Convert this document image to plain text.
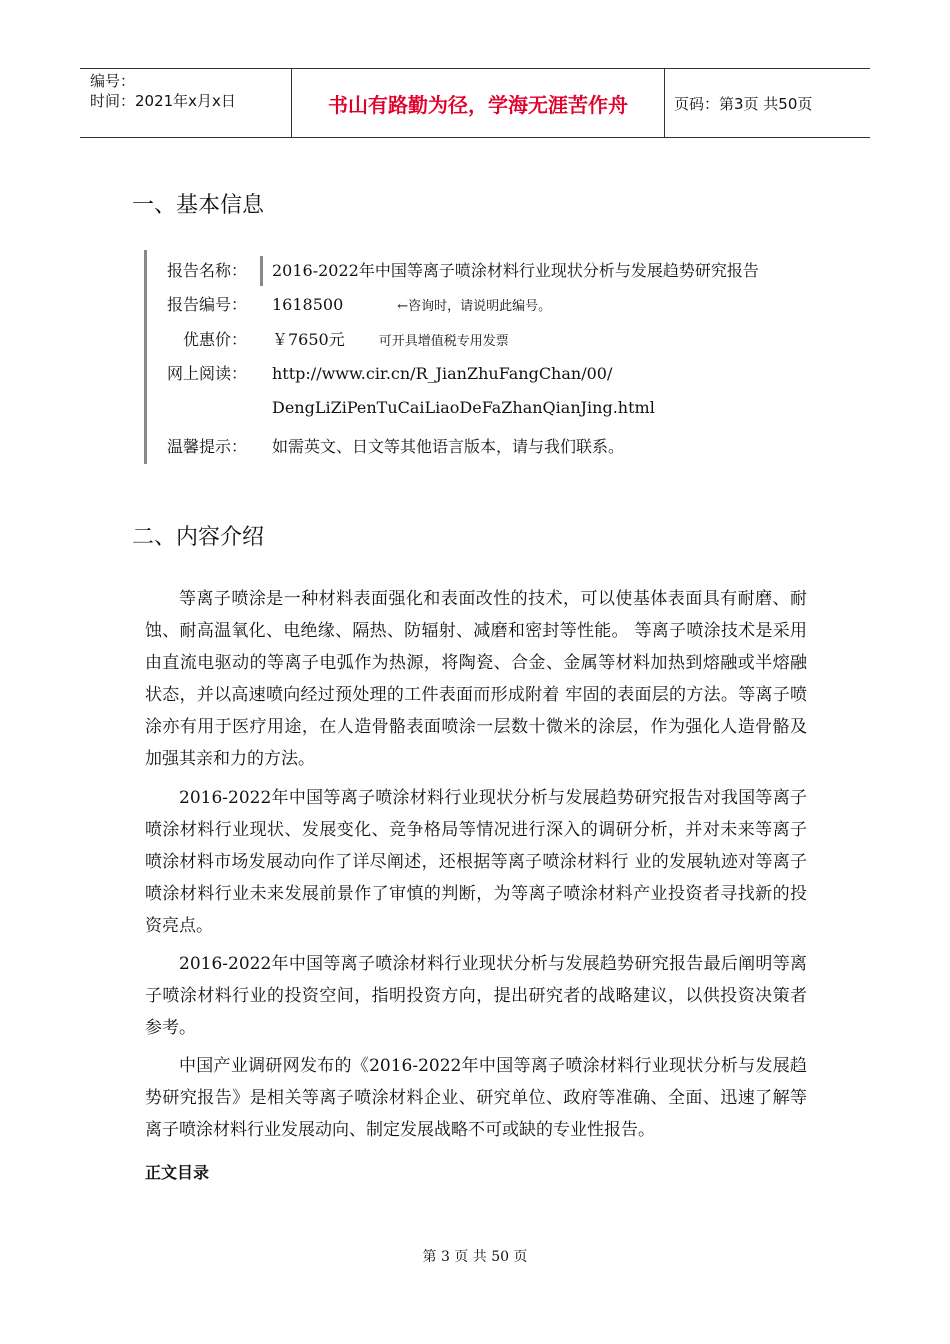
编号：
时间：2021年x月x日	书山有路勤为径，学海无涯苦作舟	页码：第3页 共50页
一、基本信息
报告名称：	2016-2022年中国等离子喷涂材料行业现状分析与发展趋势研究报告
报告编号：	1618500	←咨询时，请说明此编号。
优惠价：	￥7650元	可开具增值税专用发票
网上阅读：	http://www.cir.cn/R_JianZhuFangChan/00/
DengLiZiPenTuCaiLiaoDeFaZhanQianJing.html
温馨提示：	如需英文、日文等其他语言版本，请与我们联系。
二、内容介绍

等离子喷涂是一种材料表面强化和表面改性的技术，可以使基体表面具有耐磨、耐蚀、耐高温氧化、电绝缘、隔热、防辐射、减磨和密封等性能。 等离子喷涂技术是采用由直流电驱动的等离子电弧作为热源，将陶瓷、合金、金属等材料加热到熔融或半熔融状态，并以高速喷向经过预处理的工件表面而形成附着 牢固的表面层的方法。等离子喷涂亦有用于医疗用途，在人造骨骼表面喷涂一层数十微米的涂层，作为强化人造骨骼及加强其亲和力的方法。

2016-2022年中国等离子喷涂材料行业现状分析与发展趋势研究报告对我国等离子喷涂材料行业现状、发展变化、竞争格局等情况进行深入的调研分析，并对未来等离子喷涂材料市场发展动向作了详尽阐述，还根据等离子喷涂材料行 业的发展轨迹对等离子喷涂材料行业未来发展前景作了审慎的判断，为等离子喷涂材料产业投资者寻找新的投资亮点。

2016-2022年中国等离子喷涂材料行业现状分析与发展趋势研究报告最后阐明等离子喷涂材料行业的投资空间，指明投资方向，提出研究者的战略建议，以供投资决策者参考。

中国产业调研网发布的《2016-2022年中国等离子喷涂材料行业现状分析与发展趋势研究报告》是相关等离子喷涂材料企业、研究单位、政府等准确、全面、迅速了解等离子喷涂材料行业发展动向、制定发展战略不可或缺的专业性报告。

正文目录
第 3 页 共 50 页
